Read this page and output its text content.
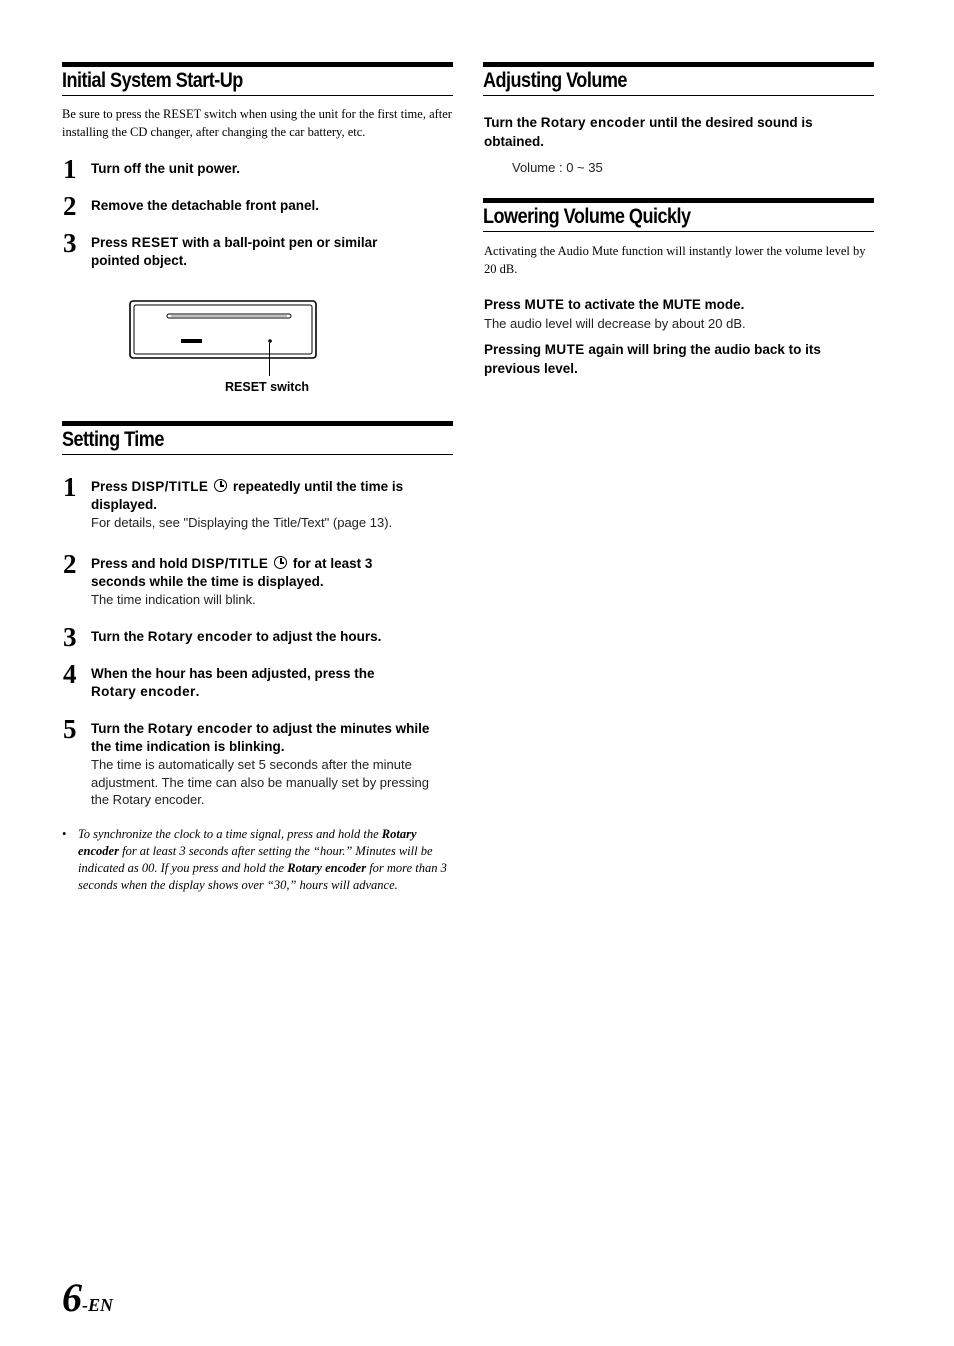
Initial System Start-Up
Be sure to press the RESET switch when using the unit for the first time, after installing the CD changer, after changing the car battery, etc.
1 Turn off the unit power.
2 Remove the detachable front panel.
3 Press RESET with a ball-point pen or similar pointed object.
RESET switch
Setting Time
1 Press DISP/TITLE  repeatedly until the time is displayed.
For details, see "Displaying the Title/Text" (page 13).
2 Press and hold DISP/TITLE  for at least 3 seconds while the time is displayed.
The time indication will blink.
3 Turn the Rotary encoder to adjust the hours.
4 When the hour has been adjusted, press the Rotary encoder.
5 Turn the Rotary encoder to adjust the minutes while the time indication is blinking.
The time is automatically set 5 seconds after the minute adjustment. The time can also be manually set by pressing the Rotary encoder.
• To synchronize the clock to a time signal, press and hold the Rotary encoder for at least 3 seconds after setting the “hour.” Minutes will be indicated as 00. If you press and hold the Rotary encoder for more than 3 seconds when the display shows over “30,” hours will advance.
Adjusting Volume
Turn the Rotary encoder until the desired sound is obtained.
Volume : 0 ~ 35
Lowering Volume Quickly
Activating the Audio Mute function will instantly lower the volume level by 20 dB.
Press MUTE to activate the MUTE mode.
The audio level will decrease by about 20 dB.
Pressing MUTE again will bring the audio back to its previous level.
6-EN
